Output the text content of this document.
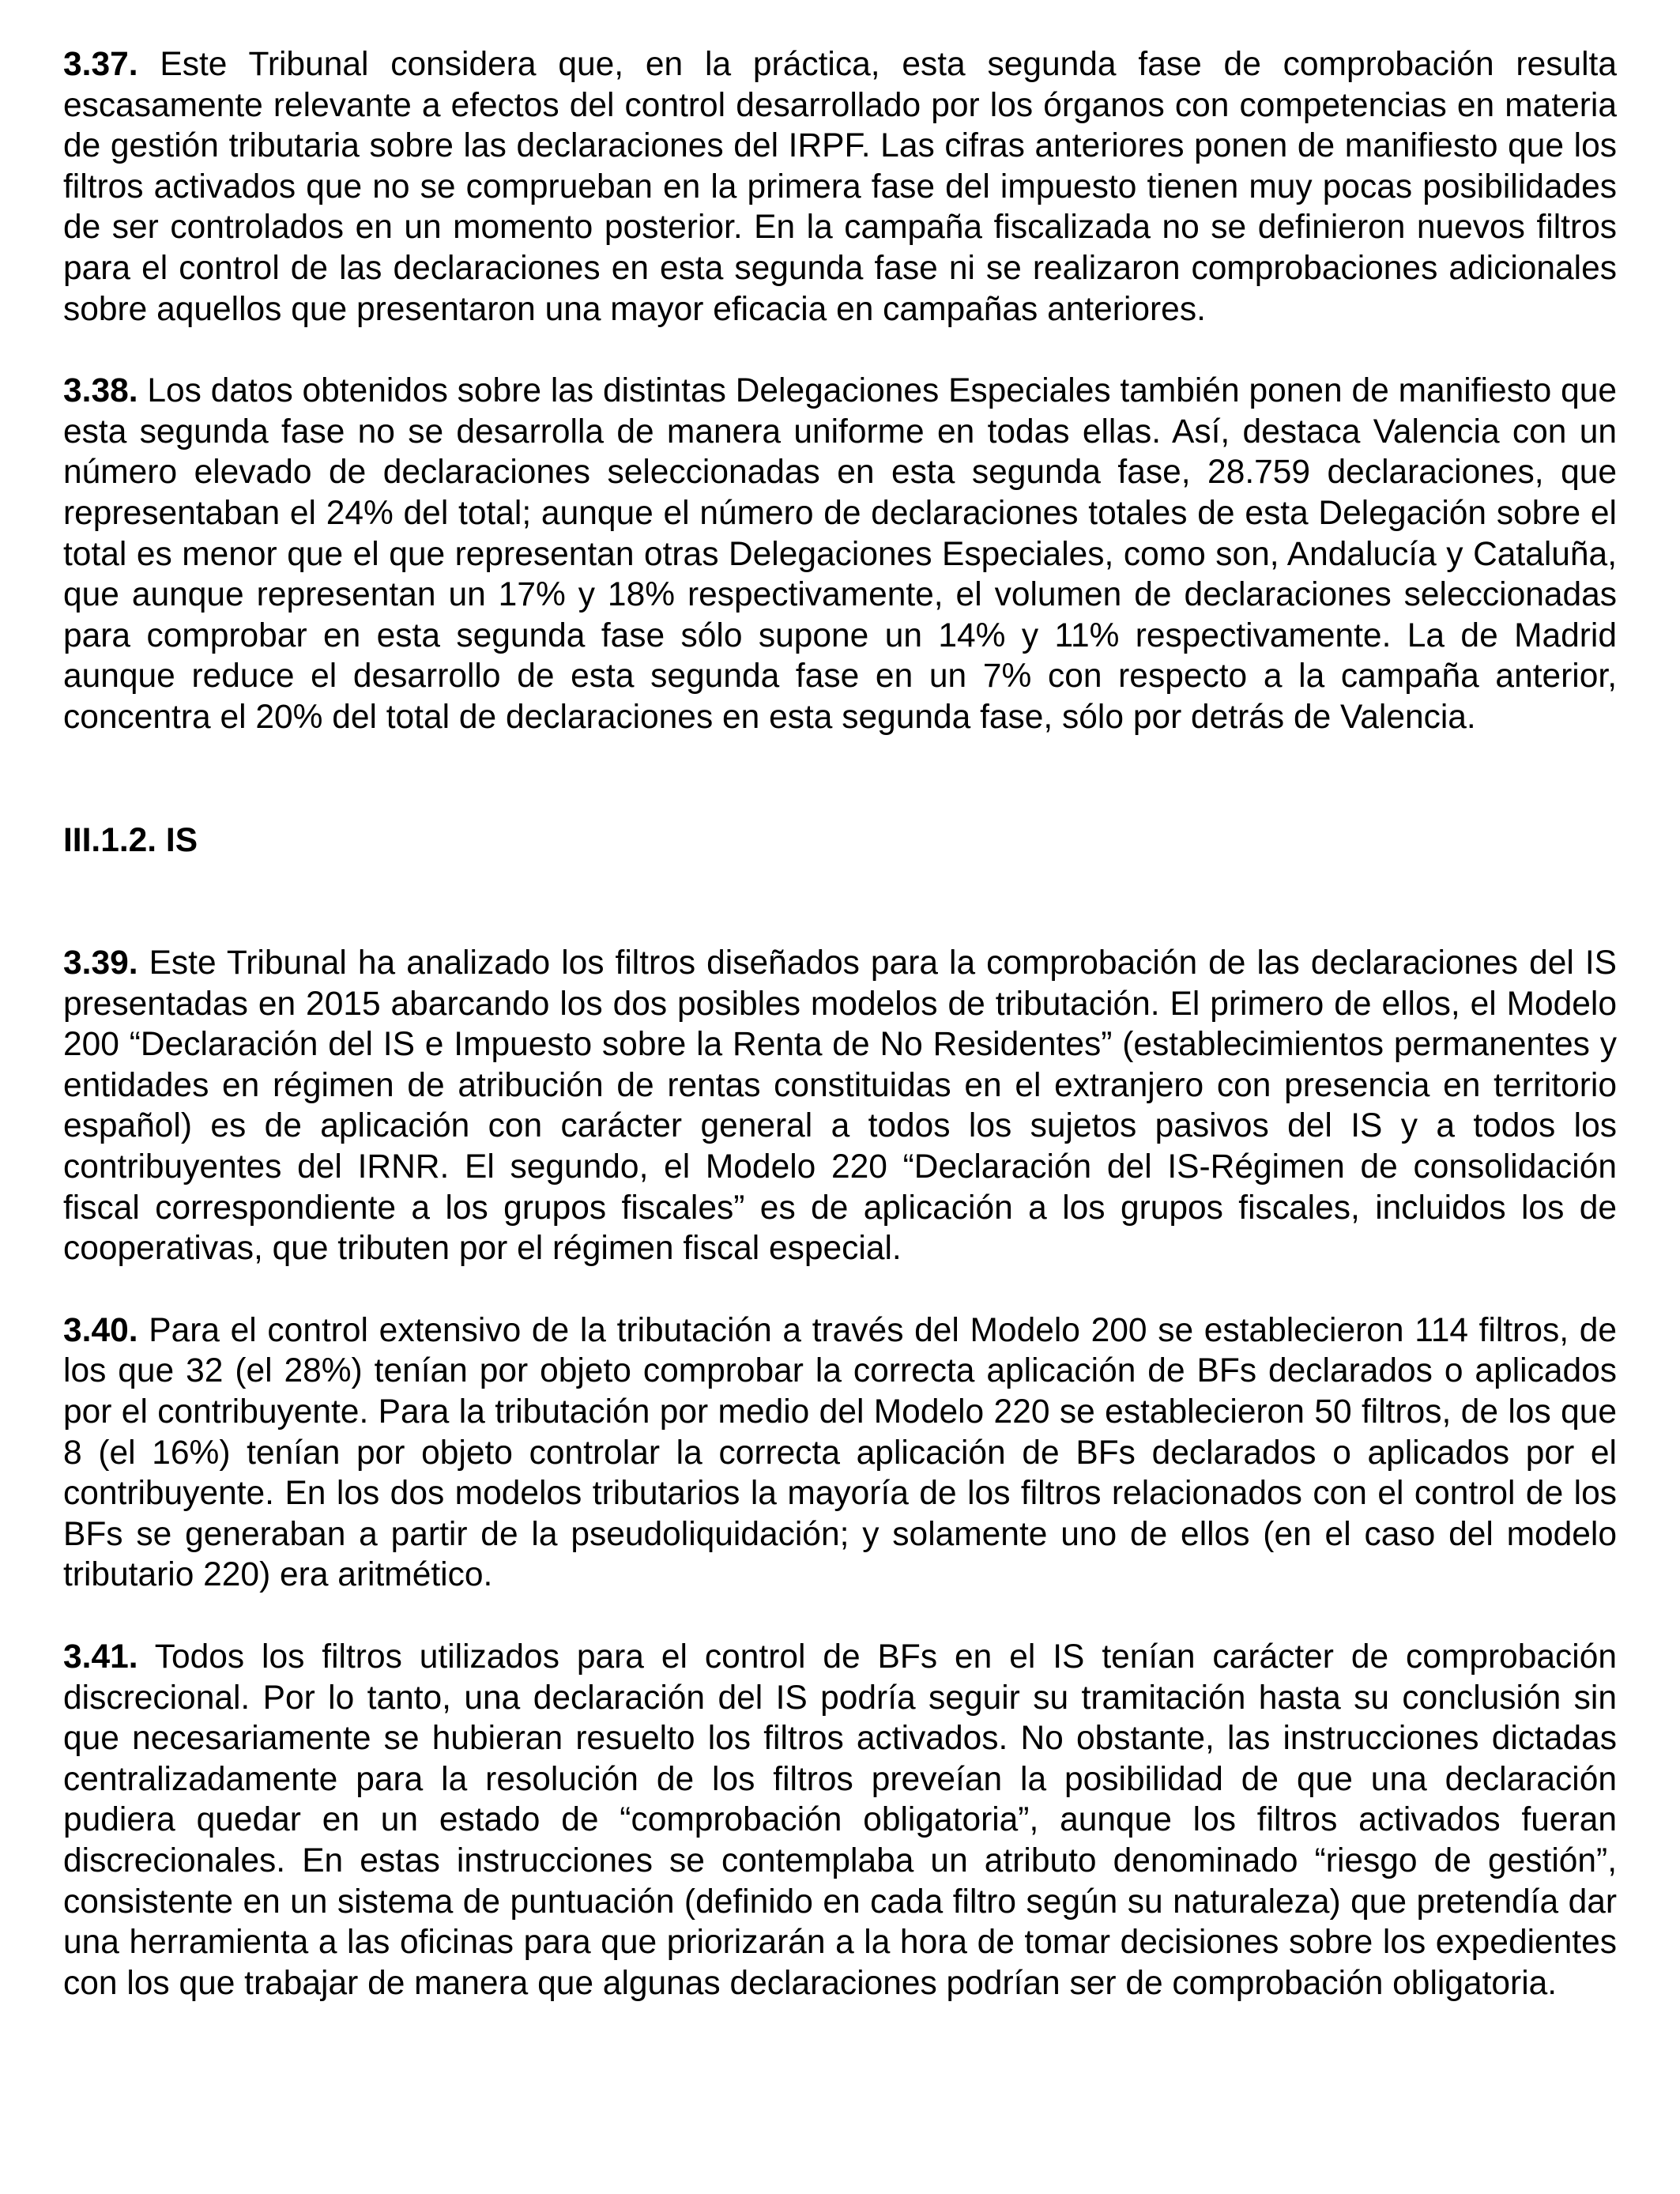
3.37. Este Tribunal considera que, en la práctica, esta segunda fase de comprobación resulta escasamente relevante a efectos del control desarrollado por los órganos con competencias en materia de gestión tributaria sobre las declaraciones del IRPF. Las cifras anteriores ponen de manifiesto que los filtros activados que no se comprueban en la primera fase del impuesto tienen muy pocas posibilidades de ser controlados en un momento posterior. En la campaña fiscalizada no se definieron nuevos filtros para el control de las declaraciones en esta segunda fase ni se realizaron comprobaciones adicionales sobre aquellos que presentaron una mayor eficacia en campañas anteriores.

3.38. Los datos obtenidos sobre las distintas Delegaciones Especiales también ponen de manifiesto que esta segunda fase no se desarrolla de manera uniforme en todas ellas. Así, destaca Valencia con un número elevado de declaraciones seleccionadas en esta segunda fase, 28.759 declaraciones, que representaban el 24% del total; aunque el número de declaraciones totales de esta Delegación sobre el total es menor que el que representan otras Delegaciones Especiales, como son, Andalucía y Cataluña, que aunque representan un 17% y 18% respectivamente, el volumen de declaraciones seleccionadas para comprobar en esta segunda fase sólo supone un 14% y 11% respectivamente. La de Madrid aunque reduce el desarrollo de esta segunda fase en un 7% con respecto a la campaña anterior, concentra el 20% del total de declaraciones en esta segunda fase, sólo por detrás de Valencia.

III.1.2. IS

3.39. Este Tribunal ha analizado los filtros diseñados para la comprobación de las declaraciones del IS presentadas en 2015 abarcando los dos posibles modelos de tributación. El primero de ellos, el Modelo 200 “Declaración del IS e Impuesto sobre la Renta de No Residentes” (establecimientos permanentes y entidades en régimen de atribución de rentas constituidas en el extranjero con presencia en territorio español) es de aplicación con carácter general a todos los sujetos pasivos del IS y a todos los contribuyentes del IRNR. El segundo, el Modelo 220 “Declaración del IS-Régimen de consolidación fiscal correspondiente a los grupos fiscales” es de aplicación a los grupos fiscales, incluidos los de cooperativas, que tributen por el régimen fiscal especial.

3.40. Para el control extensivo de la tributación a través del Modelo 200 se establecieron 114 filtros, de los que 32 (el 28%) tenían por objeto comprobar la correcta aplicación de BFs declarados o aplicados por el contribuyente. Para la tributación por medio del Modelo 220 se establecieron 50 filtros, de los que 8 (el 16%) tenían por objeto controlar la correcta aplicación de BFs declarados o aplicados por el contribuyente. En los dos modelos tributarios la mayoría de los filtros relacionados con el control de los BFs se generaban a partir de la pseudoliquidación; y solamente uno de ellos (en el caso del modelo tributario 220) era aritmético.

3.41. Todos los filtros utilizados para el control de BFs en el IS tenían carácter de comprobación discrecional. Por lo tanto, una declaración del IS podría seguir su tramitación hasta su conclusión sin que necesariamente se hubieran resuelto los filtros activados. No obstante, las instrucciones dictadas centralizadamente para la resolución de los filtros preveían la posibilidad de que una declaración pudiera quedar en un estado de “comprobación obligatoria”, aunque los filtros activados fueran discrecionales. En estas instrucciones se contemplaba un atributo denominado “riesgo de gestión”, consistente en un sistema de puntuación (definido en cada filtro según su naturaleza) que pretendía dar una herramienta a las oficinas para que priorizarán a la hora de tomar decisiones sobre los expedientes con los que trabajar de manera que algunas declaraciones podrían ser de comprobación obligatoria.
